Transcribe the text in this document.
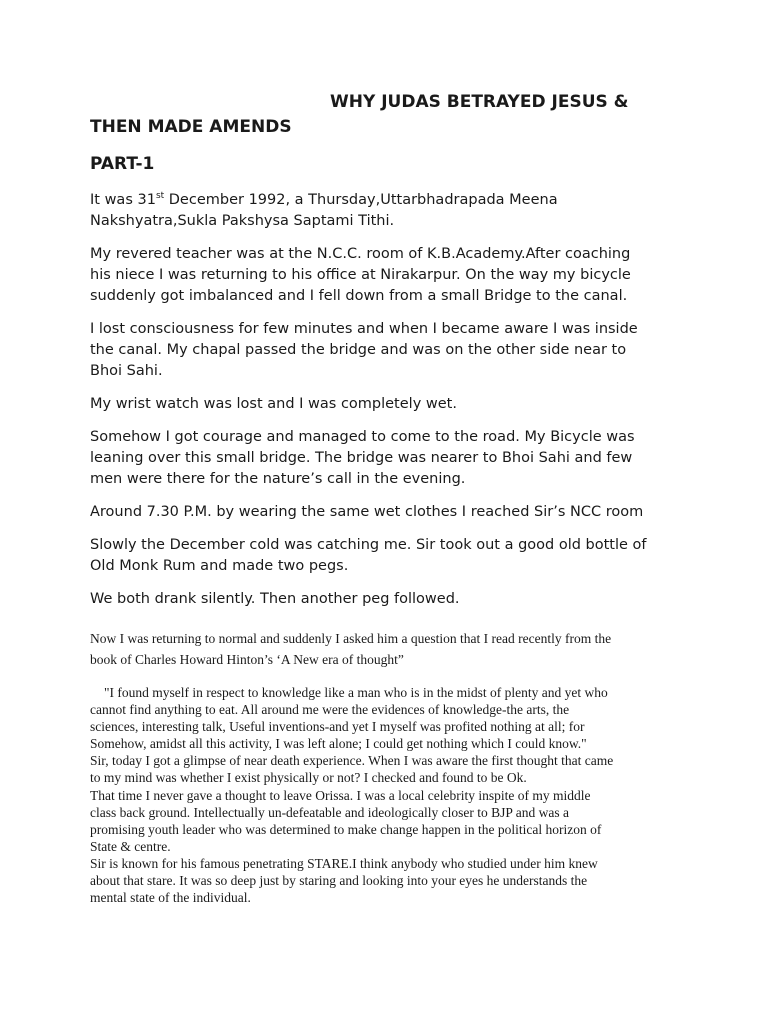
WHY JUDAS BETRAYED JESUS &
THEN MADE AMENDS
PART-1

It was 31st December 1992, a Thursday,Uttarbhadrapada Meena
Nakshyatra,Sukla Pakshysa Saptami Tithi.

My revered teacher was at the N.C.C. room of K.B.Academy.After coaching
his niece I was returning to his office at Nirakarpur. On the way my bicycle
suddenly got imbalanced and I fell down from a small Bridge to the canal.

I lost consciousness for few minutes and when I became aware I was inside
the canal. My chapal passed the bridge and was on the other side near to
Bhoi Sahi.

My wrist watch was lost and I was completely wet.

Somehow I got courage and managed to come to the road. My Bicycle was
leaning over this small bridge. The bridge was nearer to Bhoi Sahi and few
men were there for the nature’s call in the evening.

Around 7.30 P.M. by wearing the same wet clothes I reached Sir’s NCC room

Slowly the December cold was catching me. Sir took out a good old bottle of
Old Monk Rum and made two pegs.

We both drank silently. Then another peg followed.

Now I was returning to normal and suddenly I asked him a question that I read recently from the
book of Charles Howard Hinton’s ‘A New era of thought”

"I found myself in respect to knowledge like a man who is in the midst of plenty and yet who
cannot find anything to eat. All around me were the evidences of knowledge-the arts, the
sciences, interesting talk, Useful inventions-and yet I myself was profited nothing at all; for
Somehow, amidst all this activity, I was left alone; I could get nothing which I could know."
Sir, today I got a glimpse of near death experience. When I was aware the first thought that came
to my mind was whether I exist physically or not? I checked and found to be Ok.
That time I never gave a thought to leave Orissa. I was a local celebrity inspite of my middle
class back ground. Intellectually un-defeatable and ideologically closer to BJP and was a
promising youth leader who was determined to make change happen in the political horizon of
State & centre.
Sir is known for his famous penetrating STARE.I think anybody who studied under him knew
about that stare. It was so deep just by staring and looking into your eyes he understands the
mental state of the individual.
